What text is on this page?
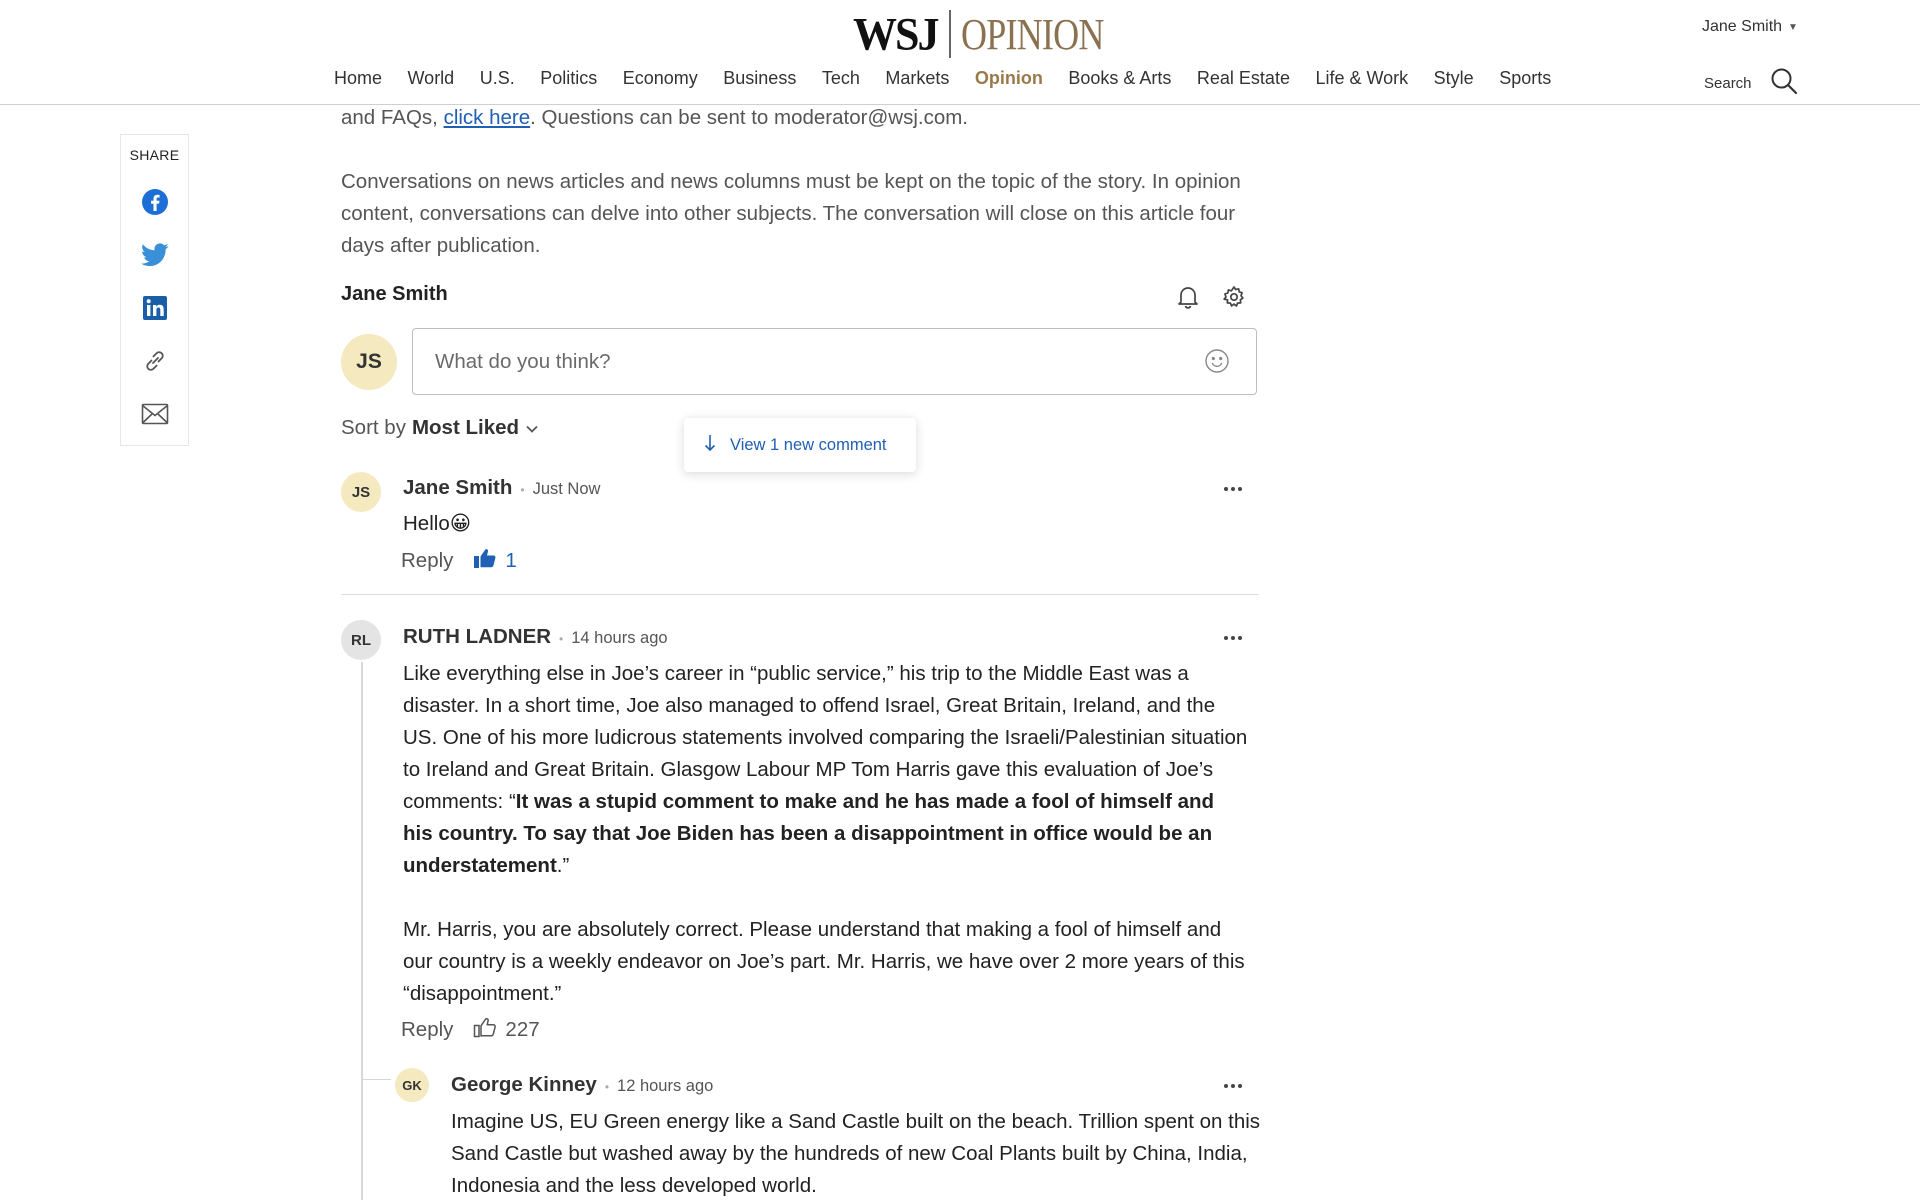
WSJ OPINION	Jane Smith ▼
Home World U.S. Politics Economy Business Tech Markets Opinion Books & Arts Real Estate Life & Work Style Sports	Search
SHARE
and FAQs, click here. Questions can be sent to moderator@wsj.com.
Conversations on news articles and news columns must be kept on the topic of the story. In opinion content, conversations can delve into other subjects. The conversation will close on this article four days after publication.
Jane Smith
JS
What do you think?
Sort by Most Liked
View 1 new comment
JS	Jane Smith • Just Now
Hello😀
Reply	1
RL	RUTH LADNER • 14 hours ago

Like everything else in Joe’s career in “public service,” his trip to the Middle East was a disaster. In a short time, Joe also managed to offend Israel, Great Britain, Ireland, and the US. One of his more ludicrous statements involved comparing the Israeli/Palestinian situation to Ireland and Great Britain. Glasgow Labour MP Tom Harris gave this evaluation of Joe’s comments: “It was a stupid comment to make and he has made a fool of himself and his country. To say that Joe Biden has been a disappointment in office would be an understatement.”

Mr. Harris, you are absolutely correct. Please understand that making a fool of himself and our country is a weekly endeavor on Joe’s part. Mr. Harris, we have over 2 more years of this “disappointment.”

Reply	227
GK	George Kinney • 12 hours ago
Imagine US, EU Green energy like a Sand Castle built on the beach. Trillion spent on this Sand Castle but washed away by the hundreds of new Coal Plants built by China, India, Indonesia and the less developed world.
